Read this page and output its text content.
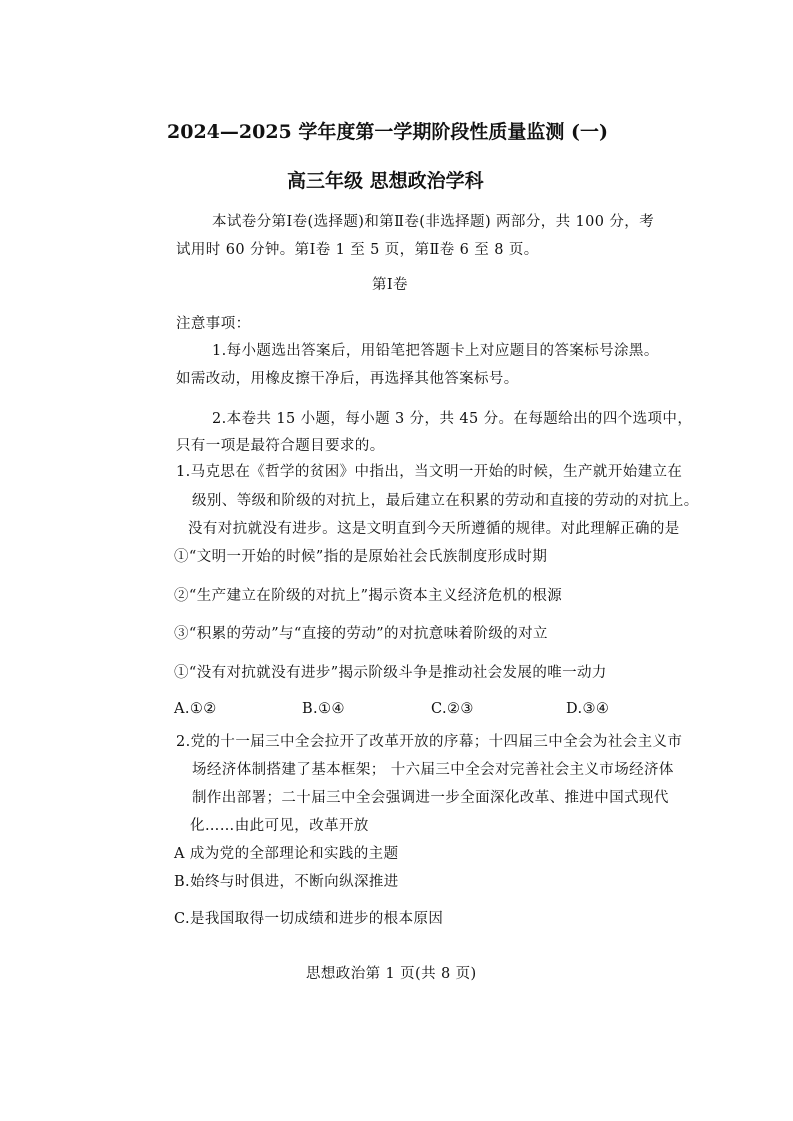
2024—2025 学年度第一学期阶段性质量监测 (一)
高三年级 思想政治学科
本试卷分第Ⅰ卷(选择题)和第Ⅱ卷(非选择题) 两部分，共 100 分，考
试用时 60 分钟。第Ⅰ卷 1 至 5 页，第Ⅱ卷 6 至 8 页。
第Ⅰ卷
注意事项：
1.每小题选出答案后，用铅笔把答题卡上对应题目的答案标号涂黑。
如需改动，用橡皮擦干净后，再选择其他答案标号。
2.本卷共 15 小题，每小题 3 分，共 45 分。在每题给出的四个选项中，
只有一项是最符合题目要求的。
1.马克思在《哲学的贫困》中指出，当文明一开始的时候，生产就开始建立在
级别、等级和阶级的对抗上，最后建立在积累的劳动和直接的劳动的对抗上。
没有对抗就没有进步。这是文明直到今天所遵循的规律。对此理解正确的是
①“文明一开始的时候”指的是原始社会氏族制度形成时期
②“生产建立在阶级的对抗上”揭示资本主义经济危机的根源
③“积累的劳动”与“直接的劳动”的对抗意味着阶级的对立
①“没有对抗就没有进步”揭示阶级斗争是推动社会发展的唯一动力
A.①②	B.①④	C.②③	D.③④
2.党的十一届三中全会拉开了改革开放的序幕；十四届三中全会为社会主义市
场经济体制搭建了基本框架； 十六届三中全会对完善社会主义市场经济体
制作出部署；二十届三中全会强调进一步全面深化改革、推进中国式现代
化……由此可见，改革开放
A 成为党的全部理论和实践的主题
B.始终与时俱进，不断向纵深推进
C.是我国取得一切成绩和进步的根本原因
思想政治第 1 页(共 8 页)
